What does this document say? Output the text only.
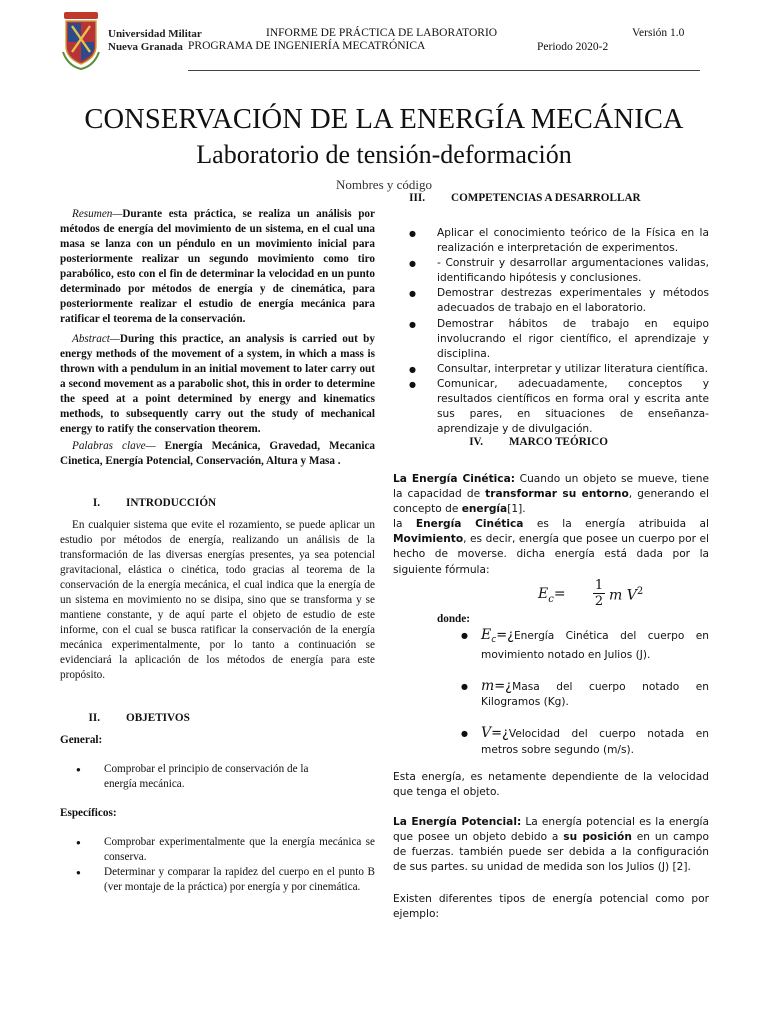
Universidad Militar
Nueva Granada
INFORME DE PRÁCTICA DE LABORATORIO
PROGRAMA DE INGENIERÍA MECATRÓNICA
Versión 1.0
Periodo 2020-2
CONSERVACIÓN DE LA ENERGÍA MECÁNICA
Laboratorio de tensión-deformación
Nombres y código

Resumen—Durante esta práctica, se realiza un análisis por métodos de energía del movimiento de un sistema, en el cual una masa se lanza con un péndulo en un movimiento inicial para posteriormente realizar un segundo movimiento como tiro parabólico, esto con el fin de determinar la velocidad en un punto determinado por métodos de energía y de cinemática, para posteriormente realizar el estudio de energía mecánica para ratificar el teorema de la conservación.

Abstract—During this practice, an analysis is carried out by energy methods of the movement of a system, in which a mass is thrown with a pendulum in an initial movement to later carry out a second movement as a parabolic shot, this in order to determine the speed at a point determined by energy and kinematics methods, to subsequently carry out the study of mechanical energy to ratify the conservation theorem.

Palabras clave— Energía Mecánica, Gravedad, Mecanica Cinetica, Energía Potencial, Conservación, Altura y Masa .

I. INTRODUCCIÓN

En cualquier sistema que evite el rozamiento, se puede aplicar un estudio por métodos de energía, realizando un análisis de la transformación de las diversas energías presentes, ya sea potencial gravitacional, elástica o cinética, todo gracias al teorema de la conservación de la energía mecánica, el cual indica que la energía de un sistema en movimiento no se disipa, sino que se transforma y se mantiene constante, y de aquí parte el objeto de estudio de este informe, con el cual se busca ratificar la conservación de la energía mecánica experimentalmente, por lo tanto a continuación se evidenciará la aplicación de los métodos de energía para este propósito.

II. OBJETIVOS

General:

● Comprobar el principio de conservación de la energía mecánica.

Específicos:

● Comprobar experimentalmente que la energía mecánica se conserva.
● Determinar y comparar la rapidez del cuerpo en el punto B (ver montaje de la práctica) por energía y por cinemática.
III. COMPETENCIAS A DESARROLLAR
● Aplicar el conocimiento teórico de la Física en la realización e interpretación de experimentos.
● - Construir y desarrollar argumentaciones validas, identificando hipótesis y conclusiones.
● Demostrar destrezas experimentales y métodos adecuados de trabajo en el laboratorio.
● Demostrar hábitos de trabajo en equipo involucrando el rigor científico, el aprendizaje y disciplina.
● Consultar, interpretar y utilizar literatura científica.
● Comunicar, adecuadamente, conceptos y resultados científicos en forma oral y escrita ante sus pares, en situaciones de enseñanza- aprendizaje y de divulgación.
IV. MARCO TEÓRICO

La Energía Cinética: Cuando un objeto se mueve, tiene la capacidad de transformar su entorno, generando el concepto de energía[1].

la Energía Cinética es la energía atribuida al Movimiento, es decir, energía que posee un cuerpo por el hecho de moverse. dicha energía está dada por la siguiente fórmula:

$E_c= \frac{1}{2}$ m $V^2$
donde:
● $E_c=¿Energía$ Cinética del cuerpo en movimiento notado en Julios (J).
● m=¿Masa del cuerpo notado en Kilogramos (Kg).
● V=¿Velocidad del cuerpo notada en metros sobre segundo (m/s).
Esta energía, es netamente dependiente de la velocidad que tenga el objeto.

La Energía Potencial: La energía potencial es la energía que posee un objeto debido a su posición en un campo de fuerzas. también puede ser debida a la configuración de sus partes. su unidad de medida son los Julios (J) [2].

Existen diferentes tipos de energía potencial como por ejemplo:
